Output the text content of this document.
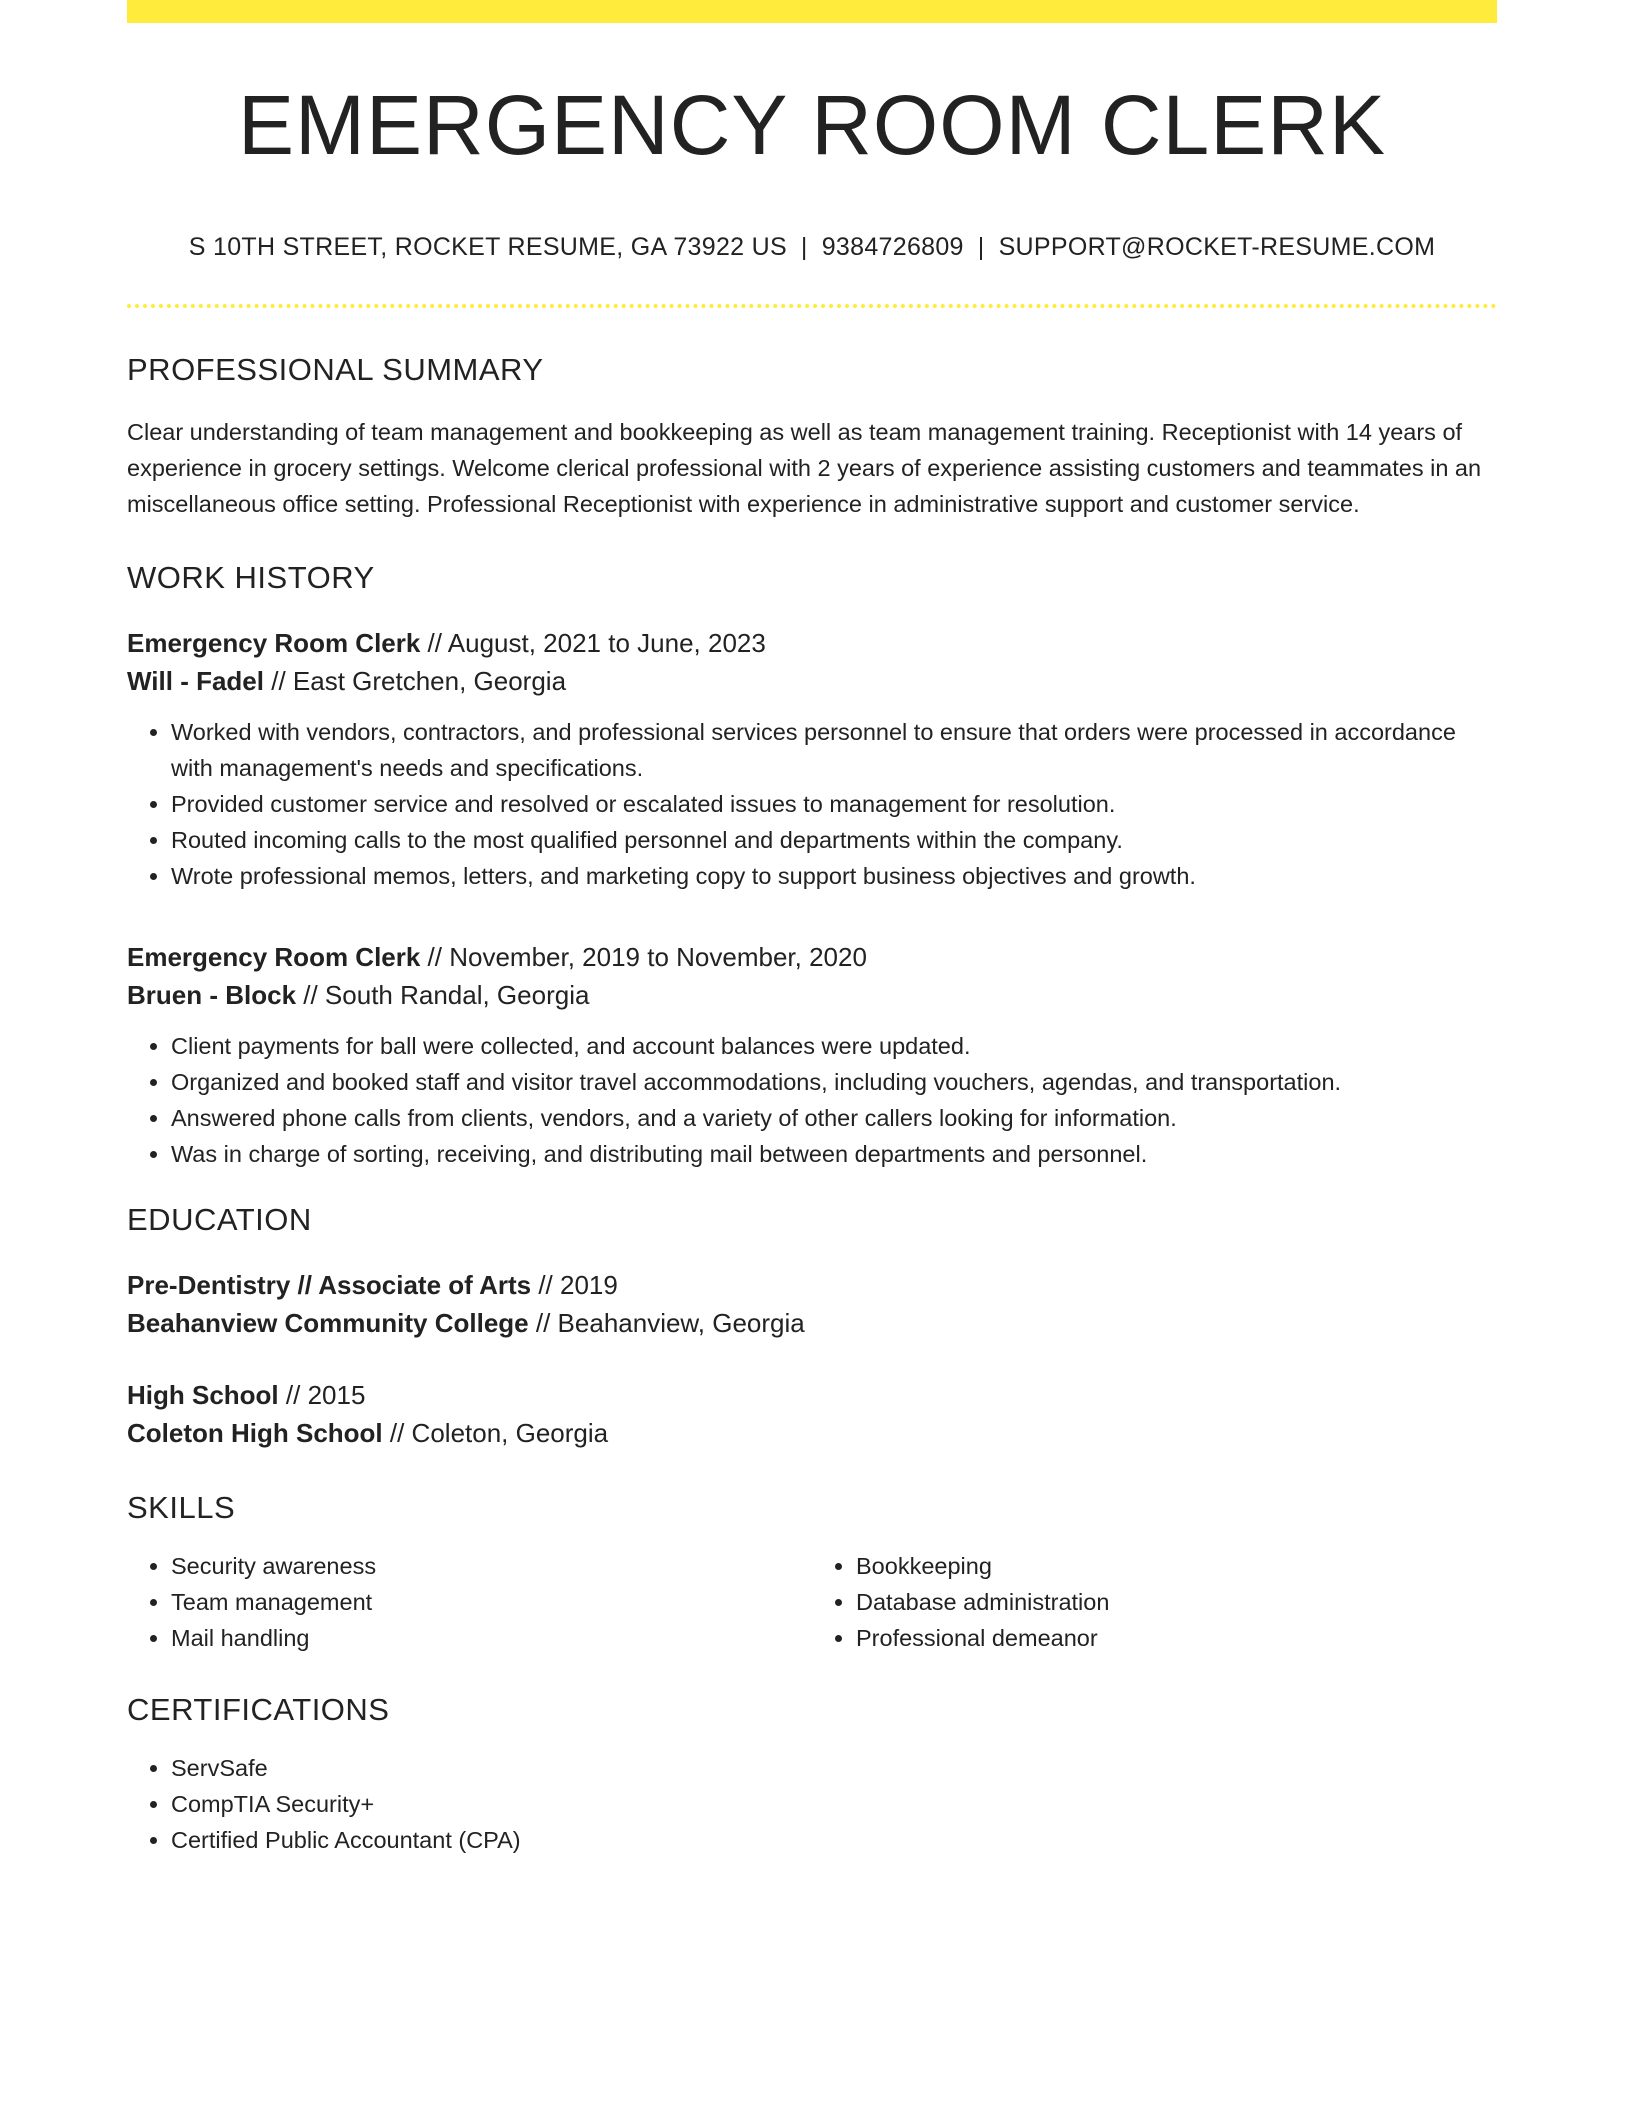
EMERGENCY ROOM CLERK
S 10TH STREET, ROCKET RESUME, GA 73922 US | 9384726809 | SUPPORT@ROCKET-RESUME.COM
PROFESSIONAL SUMMARY

Clear understanding of team management and bookkeeping as well as team management training. Receptionist with 14 years of experience in grocery settings. Welcome clerical professional with 2 years of experience assisting customers and teammates in an miscellaneous office setting. Professional Receptionist with experience in administrative support and customer service.

WORK HISTORY
Emergency Room Clerk // August, 2021 to June, 2023
Will - Fadel // East Gretchen, Georgia
• Worked with vendors, contractors, and professional services personnel to ensure that orders were processed in accordance with management's needs and specifications.
• Provided customer service and resolved or escalated issues to management for resolution.
• Routed incoming calls to the most qualified personnel and departments within the company.
• Wrote professional memos, letters, and marketing copy to support business objectives and growth.
Emergency Room Clerk // November, 2019 to November, 2020
Bruen - Block // South Randal, Georgia
• Client payments for ball were collected, and account balances were updated.
• Organized and booked staff and visitor travel accommodations, including vouchers, agendas, and transportation.
• Answered phone calls from clients, vendors, and a variety of other callers looking for information.
• Was in charge of sorting, receiving, and distributing mail between departments and personnel.
EDUCATION
Pre-Dentistry // Associate of Arts // 2019
Beahanview Community College // Beahanview, Georgia
High School // 2015
Coleton High School // Coleton, Georgia
SKILLS
• Security awareness
• Team management
• Mail handling
• Bookkeeping
• Database administration
• Professional demeanor
CERTIFICATIONS
• ServSafe
• CompTIA Security+
• Certified Public Accountant (CPA)
